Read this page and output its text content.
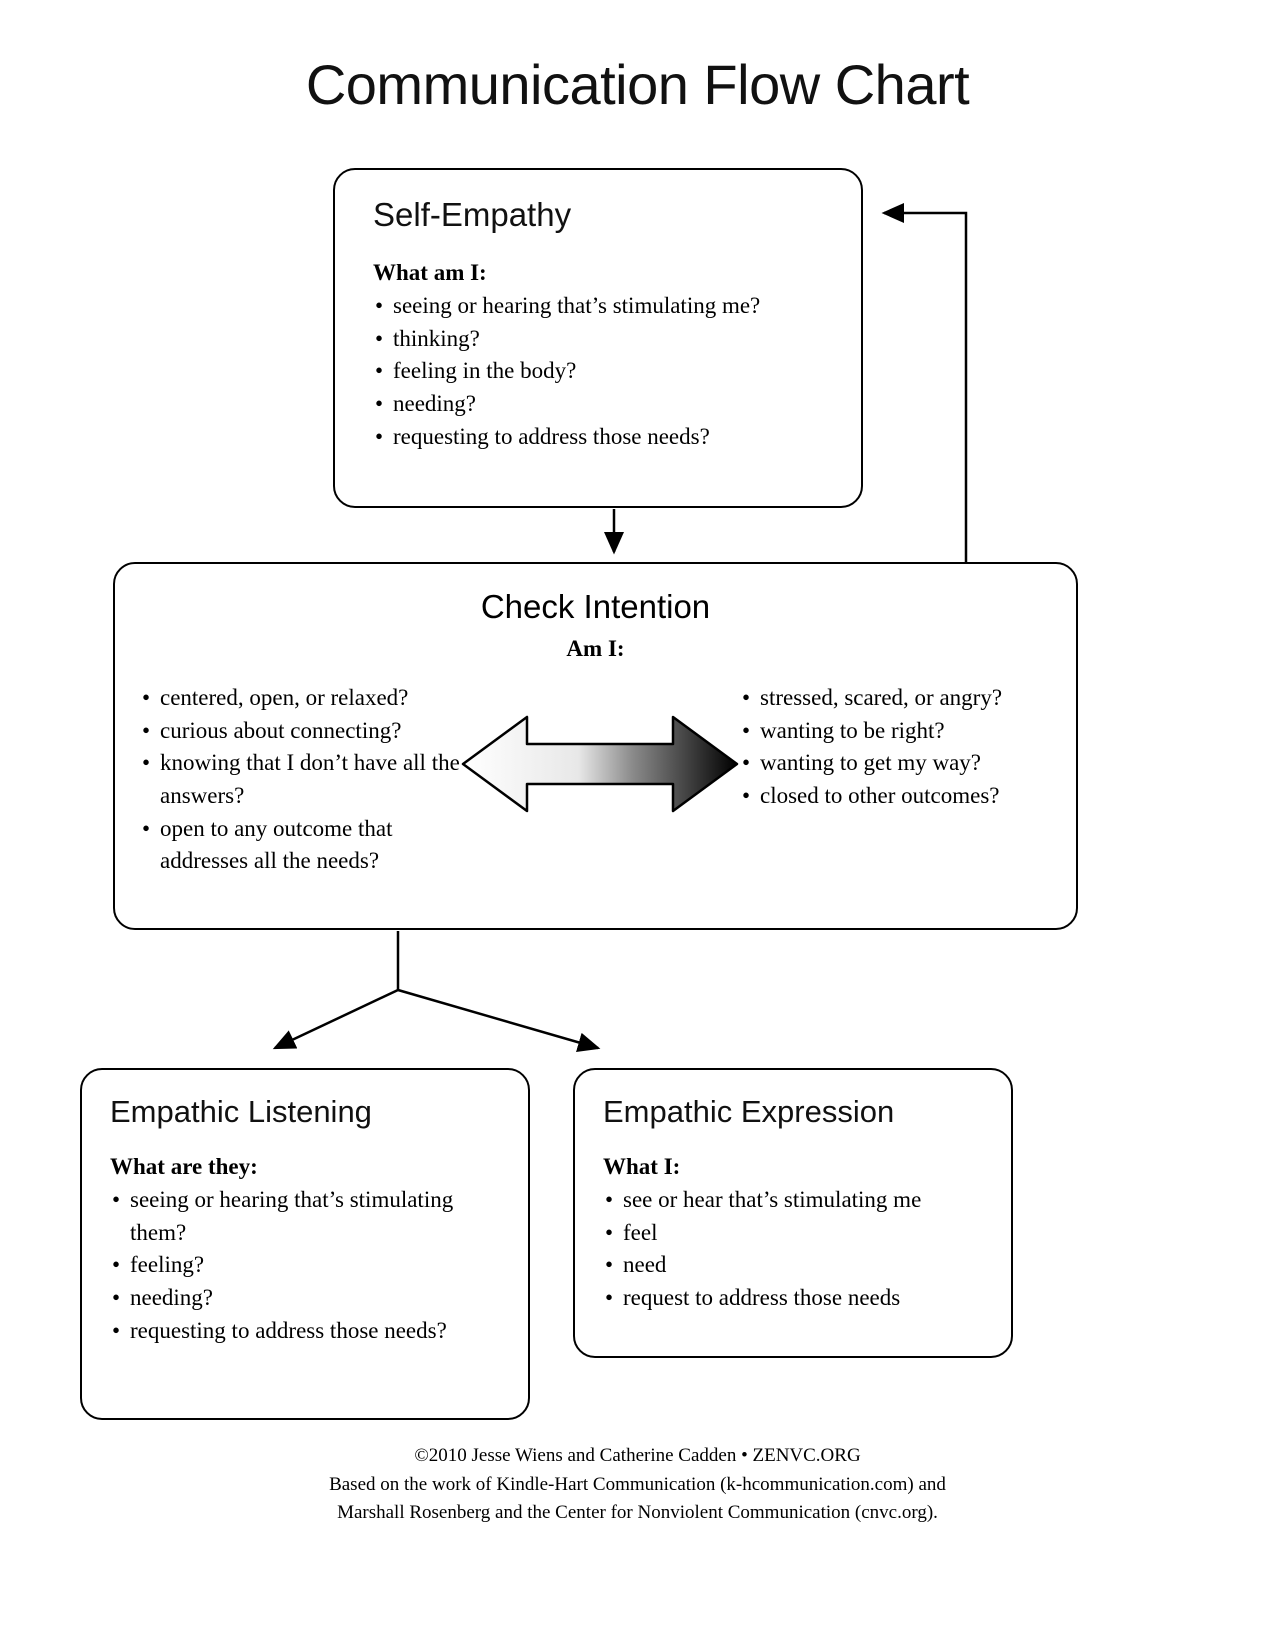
Communication Flow Chart
Self-Empathy
What am I:
• seeing or hearing that’s stimulating me?
• thinking?
• feeling in the body?
• needing?
• requesting to address those needs?
Check Intention
Am I:
• centered, open, or relaxed?
• curious about connecting?
• knowing that I don’t have all the answers?
• open to any outcome that addresses all the needs?
• stressed, scared, or angry?
• wanting to be right?
• wanting to get my way?
• closed to other outcomes?
Empathic Listening
What are they:
• seeing or hearing that’s stimulating them?
• feeling?
• needing?
• requesting to address those needs?
Empathic Expression
What I:
• see or hear that’s stimulating me
• feel
• need
• request to address those needs
©2010 Jesse Wiens and Catherine Cadden • ZENVC.ORG
Based on the work of Kindle-Hart Communication (k-hcommunication.com) and
Marshall Rosenberg and the Center for Nonviolent Communication (cnvc.org).
